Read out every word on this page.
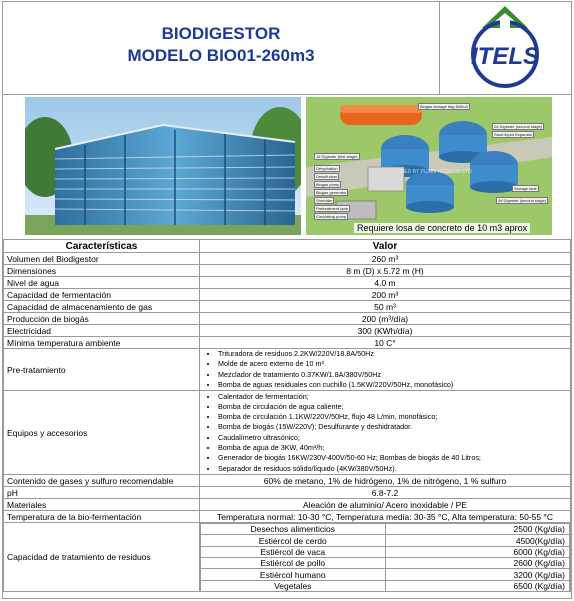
BIODIGESTOR
MODELO BIO01-260m3	ITELS
SED BY PUXIN TECH CO.,LTD
Biogas storage bag 600m3
2# Digester (second stage)
Sand liquid Separator
Dehydration
Desulfurizer
Biogas pump
Biogas generator
Shredder
Pretreatment tank
Circulating pump
1# Digester (first stage)
Storage tank
3# Digester (second stage)
Requiere losa de concreto de 10 m3 aprox
Características	Valor
Volumen del Biodigestor	260 m³
Dimensiones	8 m (D) x 5.72 m (H)
Nivel de agua	4.0 m
Capacidad de fermentación	200 m³
Capacidad de almacenamiento de gas	50 m³
Producción de biogás	200 (m³/día)
Electricidad	300 (KWh/día)
Mínima temperatura ambiente	10 C°
Pre-tratamiento	
• Trituradora de residuos 2.2KW/220V/18.8A/50Hz
• Molde de acero externo de 10 m³
• Mezclador de tratamiento 0.37KW/1.8A/380V/50Hz
• Bomba de aguas residuales con cuchillo (1.5KW/220V/50Hz, monofásico)

Equipos y accesorios	
• Calentador de fermentación;
• Bomba de circulación de agua caliente;
• Bomba de circulación 1.1KW/220V/50Hz, flujo 48 L/min, monofásico;
• Bomba de biogás (15W/220V); Desulfurante y deshidratador.
• Caudalímetro ultrasónico;
• Bomba de agua de 3KW, 40m³/h;
• Generador de biogás 16KW/230V-400V/50-60 Hz; Bombas de biogás de 40 Litros;
• Separador de residuos sólido/líquido (4KW/380V/50Hz).

Contenido de gases y sulfuro recomendable	60% de metano, 1% de hidrógeno, 1% de nitrógeno, 1 % sulfuro
pH	6.8-7.2
Materiales	Aleación de aluminio/ Acero inoxidable / PE
Temperatura de la bio-fermentación	Temperatura normal: 10-30 °C, Temperatura media: 30-35 °C, Alta temperatura: 50-55 °C
Capacidad de tratamiento de residuos	
Desechos alimenticios	2500 (Kg/día)
Estiércol de cerdo	4500(Kg/día)
Estiércol de vaca	6000 (Kg/día)
Estiércol de pollo	2600 (Kg/día)
Estiércol humano	3200 (Kg/día)
Vegetales	6500 (Kg/día)
